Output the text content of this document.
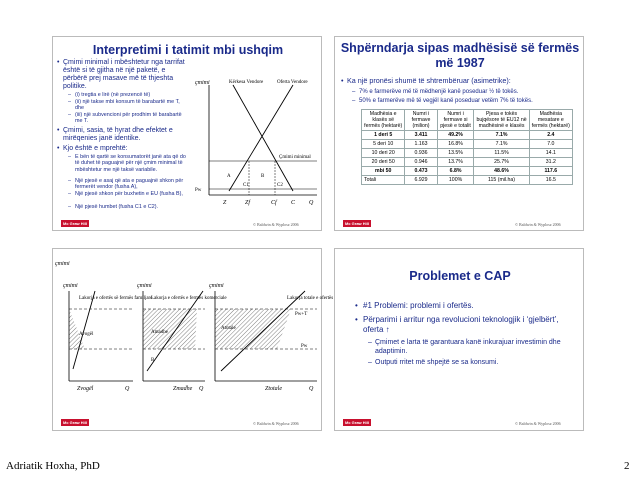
Interpretimi i tatimit mbi ushqim
• Çmimi minimal i mbështetur nga tarrifat është si të gjitha në një paketë, e përbërë prej masave më të thjeshta politike.
– (i) tregtia e lirë (në prezencë të)
– (ii) një takse mbi konsum të barabartë me T, dhe
– (iii) një subvencioni për prodhim të barabartë me T.
• Çmimi, sasia, të hyrat dhe efektet e mirëqenies janë identike.
• Kjo është e mprehtë:
– E bën të qartë se konsumatorët janë ata që do të duhet të paguajnë për një çmim minimal të mbështetur me një taksë variabile.
– Një pjesë e asaj që ata e paguajnë shkon për fermerët vendor (fusha A),
– Një pjesë shkon për buxhetin e EU (fusha B),
– Një pjesë humbet (fusha C1 e C2).
çmimi	Kërkesa Vendore	Oferta Vendore
Çmimi minimal
Pw
A	B
C1	C2
Z	Zf	Cf C Q
Mc Graw Hill	© Baldwin & Wyplosz 2006
Shpërndarja sipas madhësisë së fermës më 1987
• Ka një pronësi shumë të shtrembëruar (asimetrike):
– 7% e farmerëve më të mëdhenjë kanë poseduar ½ të tokës.
– 50% e farmerëve më të vegjël kanë poseduar vetëm 7% të tokës.
Madhësia e klasës së fermës (hektarë)	Numri i fermave (milion)	Numri i fermave si pjesë e totalit	Pjesa e tokës bujqësore të EU12 në madhësinë e klasës	Madhësia mesatare e fermës (hektarë)
1 deri 5	3.411	49.2%	7.1%	2.4
5 deri 10	1.163	16.8%	7.1%	7.0
10 deri 20	0.936	13.5%	11.5%	14.1
20 deri 50	0.946	13.7%	25.7%	31.2
mbi 50	0.473	6.8%	48.6%	117.6
Totali	6.929	100%	115 (mil.ha)	16.5
Mc Graw Hill	© Baldwin & Wyplosz 2006
çmimi
Lakorja e ofertës së fermës familjare
Avogël
Zvogël	Q
Lakorja e ofertës e fermës komerciale
Amadhe
B
Zmadhe Q
Lakorja totale e ofertës
Atotale
Pw+T
Pw
Ztotale	Q
çmimi	çmimi	çmimi
Mc Graw Hill	© Baldwin & Wyplosz 2006
Problemet e CAP
• #1 Problemi: problemi i ofertës.
• Përparimi i arritur nga revolucioni teknologjik i ‘gjelbërt’, oferta ↑
– Çmimet e larta të garantuara kanë inkurajuar investimin dhe adaptimin.
– Outputi rritet më shpejtë se sa konsumi.
Mc Graw Hill	© Baldwin & Wyplosz 2006
Adriatik Hoxha, PhD	2
